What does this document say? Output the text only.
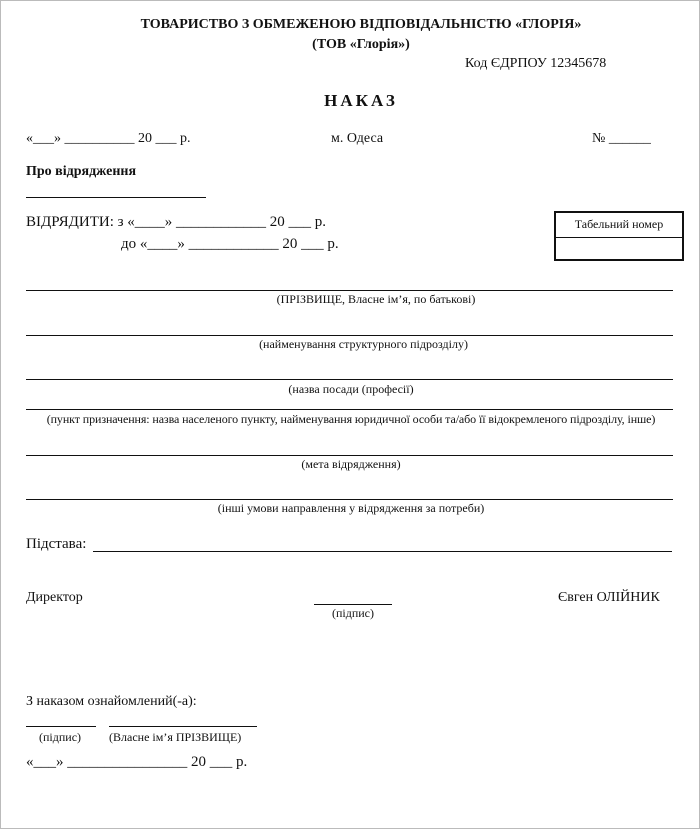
ТОВАРИСТВО З ОБМЕЖЕНОЮ ВІДПОВІДАЛЬНІСТЮ «ГЛОРІЯ»
(ТОВ «Глорія»)
Код ЄДРПОУ 12345678
НАКАЗ
«___» __________ 20 ___ р.	м. Одеса	№ ______
Про відрядження
ВІДРЯДИТИ: з «____» ____________ 20 ___ р.
до «____» ____________ 20 ___ р.
Табельний номер
(ПРІЗВИЩЕ, Власне ім’я, по батькові)
(найменування структурного підрозділу)
(назва посади (професії)
(пункт призначення: назва населеного пункту, найменування юридичної особи та/або її відокремленого підрозділу, інше)
(мета відрядження)
(інші умови направлення у відрядження за потреби)
Підстава:
Директор
(підпис)
Євген ОЛІЙНИК
З наказом ознайомлений(-а):
(підпис) (Власне ім’я ПРІЗВИЩЕ)
«___» ________________ 20 ___ р.
